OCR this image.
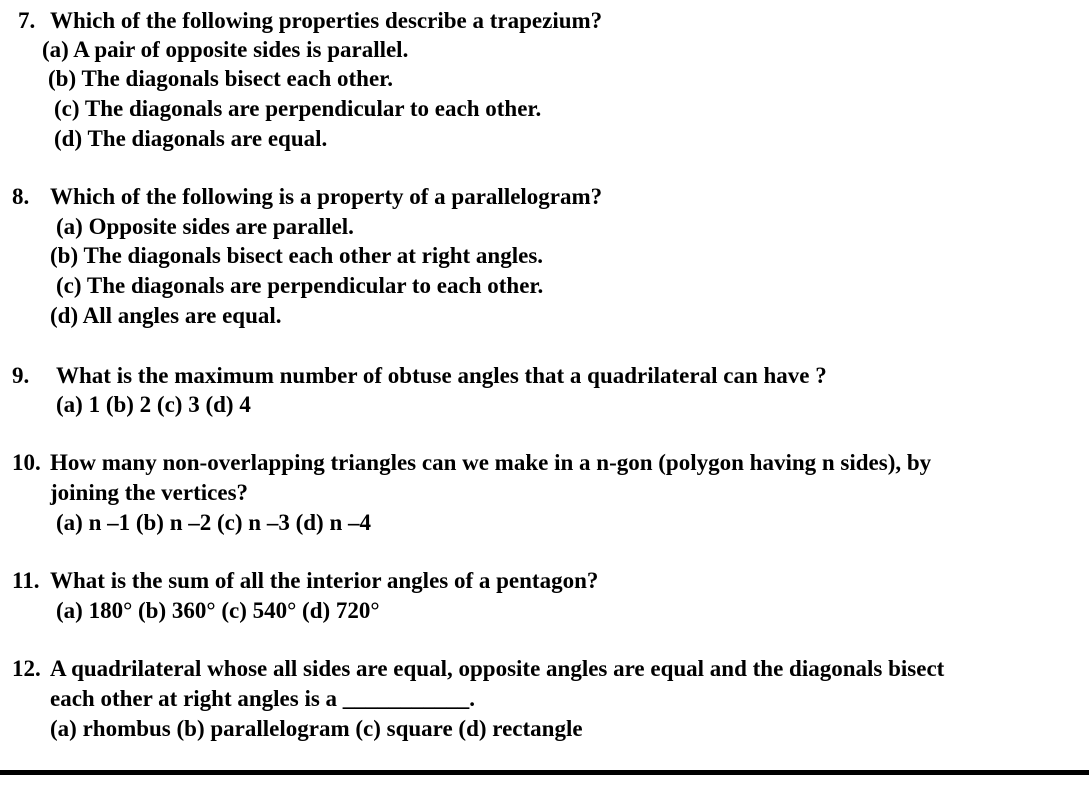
7. Which of the following properties describe a trapezium?
(a) A pair of opposite sides is parallel.
(b) The diagonals bisect each other.
(c) The diagonals are perpendicular to each other.
(d) The diagonals are equal.
8. Which of the following is a property of a parallelogram?
(a) Opposite sides are parallel.
(b) The diagonals bisect each other at right angles.
(c) The diagonals are perpendicular to each other.
(d) All angles are equal.
9. What is the maximum number of obtuse angles that a quadrilateral can have ?
(a) 1 (b) 2 (c) 3 (d) 4
10. How many non-overlapping triangles can we make in a n-gon (polygon having n sides), by
joining the vertices?
(a) n –1 (b) n –2 (c) n –3 (d) n –4
11. What is the sum of all the interior angles of a pentagon?
(a) 180° (b) 360° (c) 540° (d) 720°
12. A quadrilateral whose all sides are equal, opposite angles are equal and the diagonals bisect
each other at right angles is a ___________.
(a) rhombus (b) parallelogram (c) square (d) rectangle
